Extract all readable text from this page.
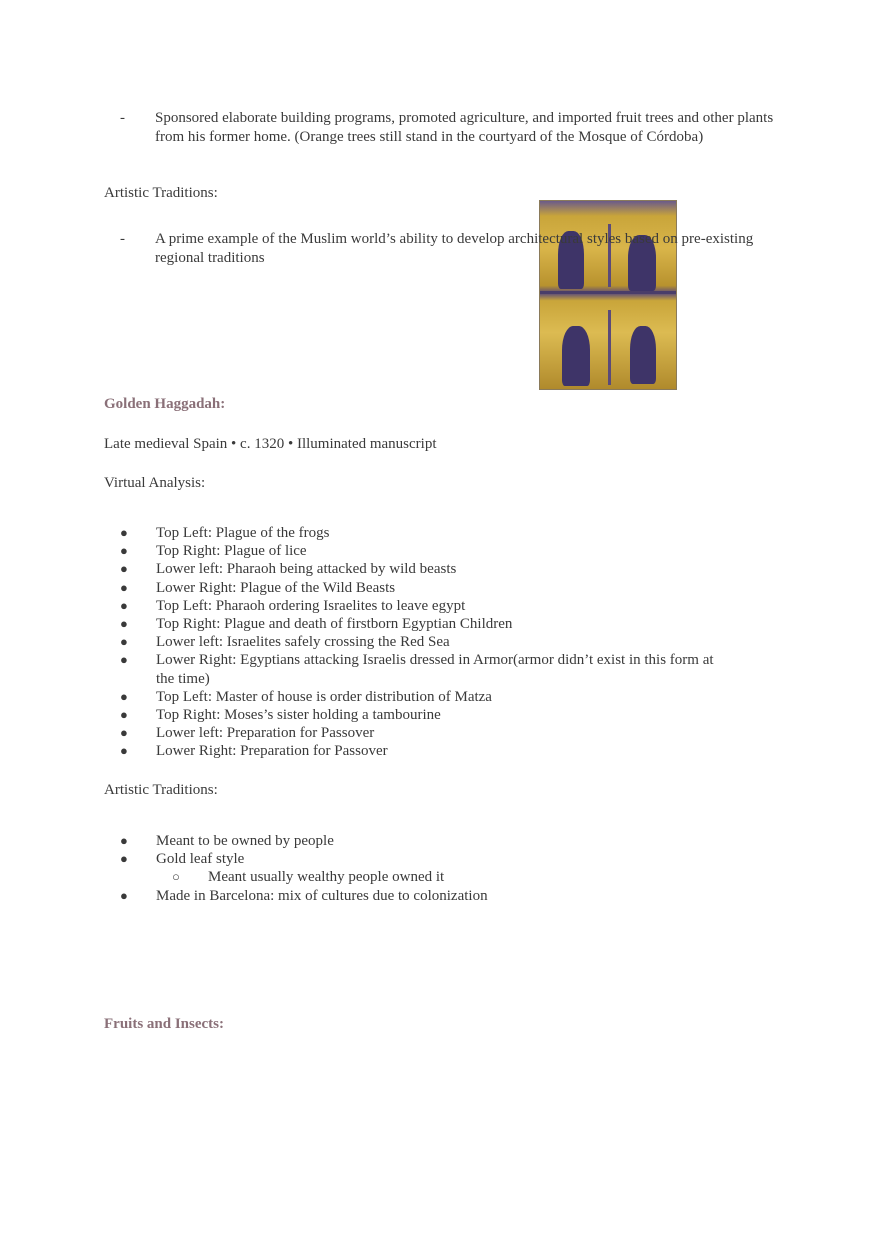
- Sponsored elaborate building programs, promoted agriculture, and imported fruit trees and other plants from his former home. (Orange trees still stand in the courtyard of the Mosque of Córdoba)
Artistic Traditions:
- A prime example of the Muslim world’s ability to develop architectural styles based on pre-existing regional traditions
Golden Haggadah:
Late medieval Spain • c. 1320 • Illuminated manuscript
Virtual Analysis:
● Top Left: Plague of the frogs
● Top Right: Plague of lice
● Lower left: Pharaoh being attacked by wild beasts
● Lower Right: Plague of the Wild Beasts
● Top Left: Pharaoh ordering Israelites to leave egypt
● Top Right: Plague and death of firstborn Egyptian Children
● Lower left: Israelites safely crossing the Red Sea
● Lower Right: Egyptians attacking Israelis dressed in Armor(armor didn’t exist in this form at the time)
● Top Left: Master of house is order distribution of Matza
● Top Right: Moses’s sister holding a tambourine
● Lower left: Preparation for Passover
● Lower Right: Preparation for Passover
Artistic Traditions:
● Meant to be owned by people
● Gold leaf style
○ Meant usually wealthy people owned it
● Made in Barcelona: mix of cultures due to colonization
Fruits and Insects:
